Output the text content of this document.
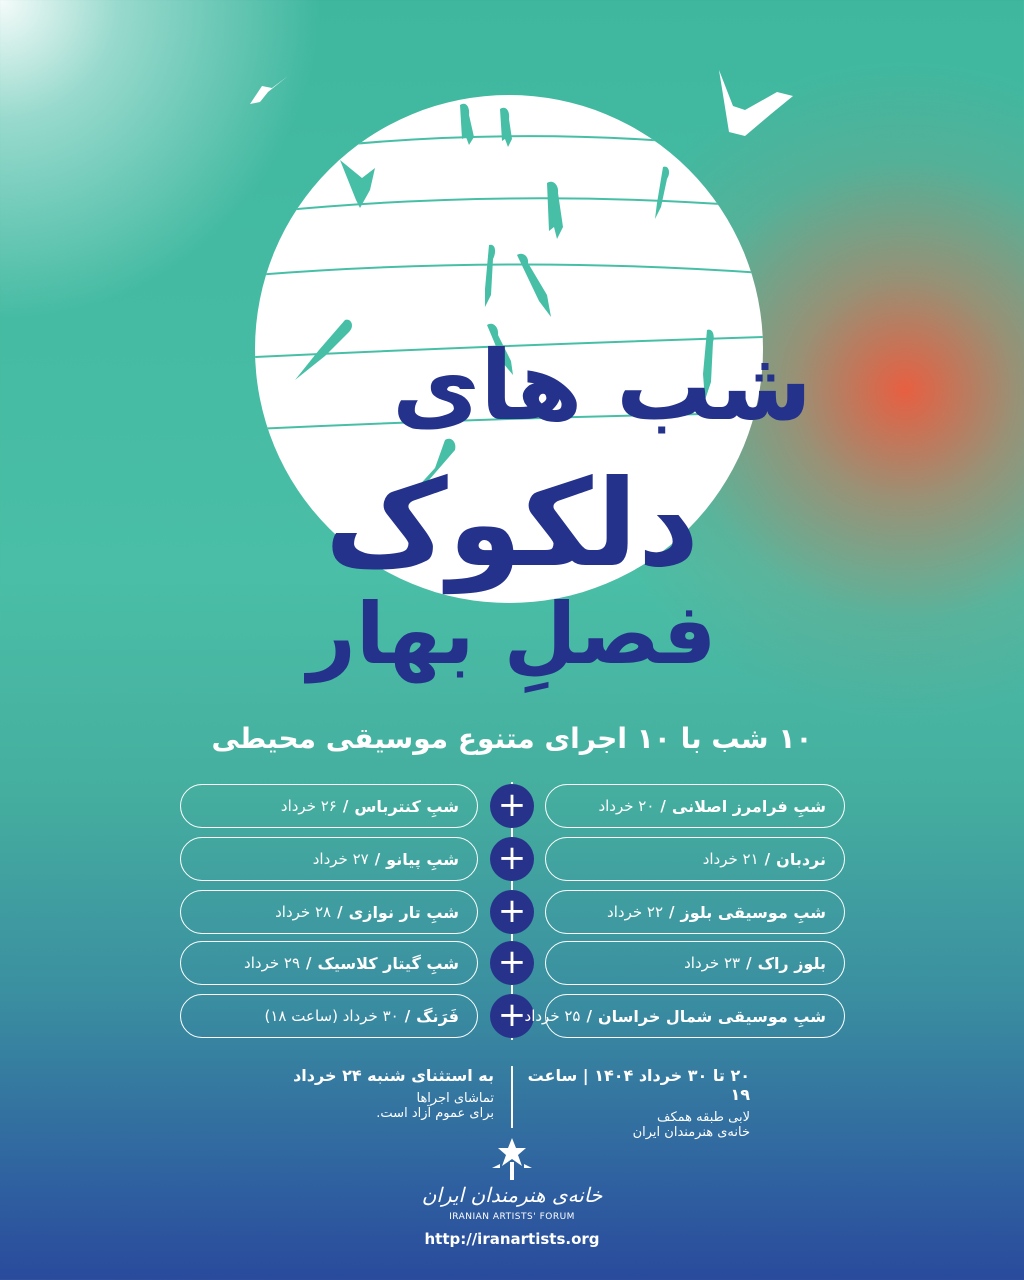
شب های
دلکوک
فصلِ بهار
۱۰ شب با ۱۰ اجرای متنوع موسیقی محیطی
+
+
+
+
+
شبِ فرامرز اصلانی
/
۲۰ خرداد
نردبان
/
۲۱ خرداد
شبِ موسیقی بلوز
/
۲۲ خرداد
بلوز راک
/
۲۳ خرداد
شبِ موسیقی شمال خراسان
/
۲۵ خرداد
شبِ کنترباس
/
۲۶ خرداد
شبِ پیانو
/
۲۷ خرداد
شبِ تار نوازی
/
۲۸ خرداد
شبِ گیتار کلاسیک
/
۲۹ خرداد
فَرَنگ
/
۳۰ خرداد (ساعت ۱۸)
۲۰ تا ۳۰ خرداد ۱۴۰۴ | ساعت ۱۹
لابی طبقه همکف
خانه‌ی هنرمندان ایران
به استثنای شنبه ۲۴ خرداد
تماشای اجراها
برای عموم آزاد است.
خانه‌ی هنرمندان ایران
IRANIAN ARTISTS' FORUM
http://iranartists.org
